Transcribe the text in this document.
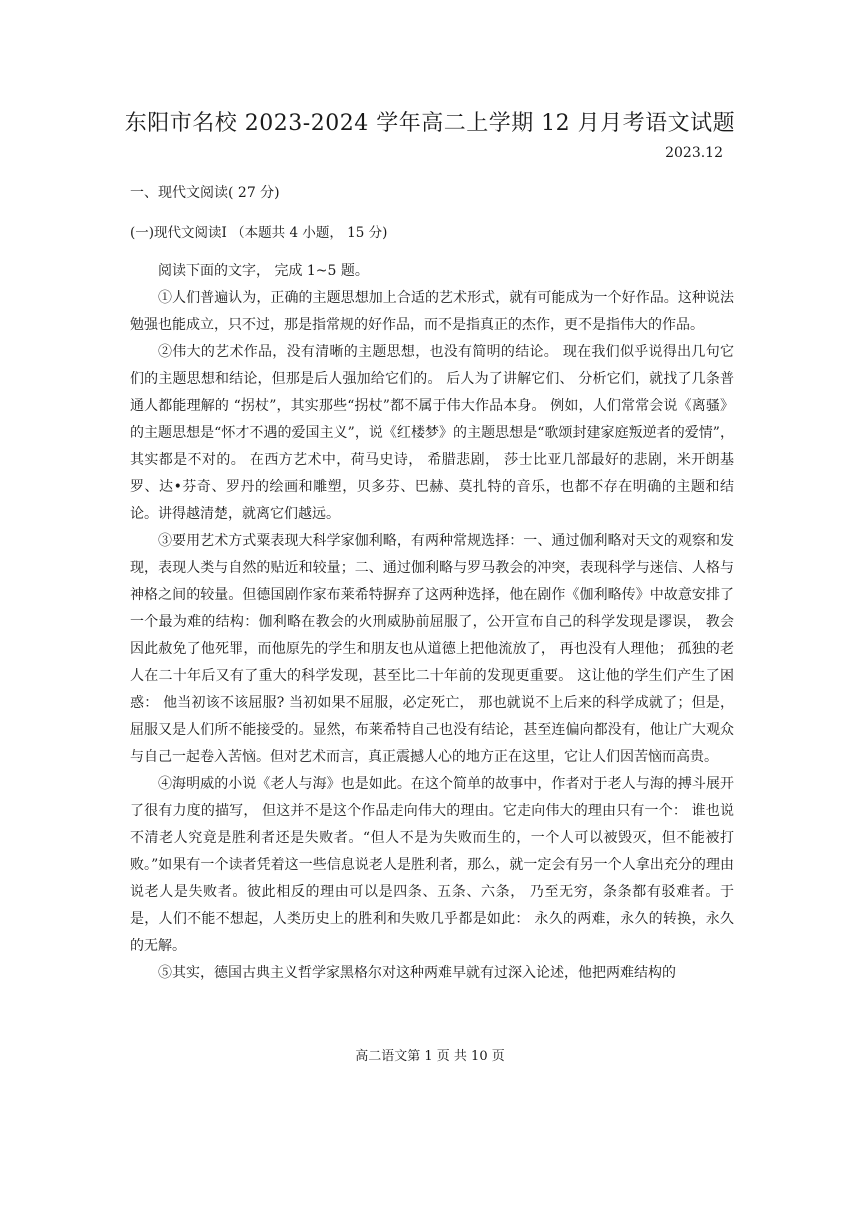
东阳市名校 2023-2024 学年高二上学期 12 月月考语文试题
2023.12
一、现代文阅读( 27 分)
(一)现代文阅读Ⅰ （本题共 4 小题， 15 分)

阅读下面的文字， 完成 1~5 题。

①人们普遍认为，正确的主题思想加上合适的艺术形式，就有可能成为一个好作品。这种说法勉强也能成立，只不过，那是指常规的好作品，而不是指真正的杰作，更不是指伟大的作品。

②伟大的艺术作品，没有清晰的主题思想，也没有简明的结论。 现在我们似乎说得出几句它们的主题思想和结论，但那是后人强加给它们的。 后人为了讲解它们、 分析它们，就找了几条普通人都能理解的 “拐杖”，其实那些“拐杖”都不属于伟大作品本身。 例如，人们常常会说《离骚》的主题思想是“怀才不遇的爱国主义”，说《红楼梦》的主题思想是“歌颂封建家庭叛逆者的爱情”，其实都是不对的。 在西方艺术中，荷马史诗， 希腊悲剧， 莎士比亚几部最好的悲剧，米开朗基罗、达•芬奇、罗丹的绘画和雕塑，贝多芬、巴赫、莫扎特的音乐，也都不存在明确的主题和结论。讲得越清楚，就离它们越远。

③要用艺术方式粟表现大科学家伽利略，有两种常规选择：一、通过伽利略对天文的观察和发现，表现人类与自然的贴近和较量；二、通过伽利略与罗马教会的冲突，表现科学与迷信、人格与神格之间的较量。但德国剧作家布莱希特摒弃了这两种选择，他在剧作《伽利略传》中故意安排了一个最为难的结构：伽利略在教会的火刑威胁前屈服了，公开宣布自己的科学发现是谬误， 教会因此赦免了他死罪，而他原先的学生和朋友也从道德上把他流放了， 再也没有人理他； 孤独的老人在二十年后又有了重大的科学发现，甚至比二十年前的发现更重要。 这让他的学生们产生了困惑： 他当初该不该屈服? 当初如果不屈服，必定死亡， 那也就说不上后来的科学成就了；但是，屈服又是人们所不能接受的。显然，布莱希特自己也没有结论，甚至连偏向都没有，他让广大观众与自己一起卷入苦恼。但对艺术而言，真正震撼人心的地方正在这里，它让人们因苦恼而高贵。

④海明威的小说《老人与海》也是如此。在这个简单的故事中，作者对于老人与海的搏斗展开了很有力度的描写， 但这并不是这个作品走向伟大的理由。它走向伟大的理由只有一个： 谁也说不清老人究竟是胜利者还是失败者。“但人不是为失败而生的，一个人可以被毁灭，但不能被打败。”如果有一个读者凭着这一些信息说老人是胜利者，那么，就一定会有另一个人拿出充分的理由说老人是失败者。彼此相反的理由可以是四条、五条、六条， 乃至无穷，条条都有驳难者。于是，人们不能不想起，人类历史上的胜利和失败几乎都是如此： 永久的两难，永久的转换，永久的无解。

⑤其实，德国古典主义哲学家黑格尔对这种两难早就有过深入论述，他把两难结构的

高二语文第 1 页 共 10 页
